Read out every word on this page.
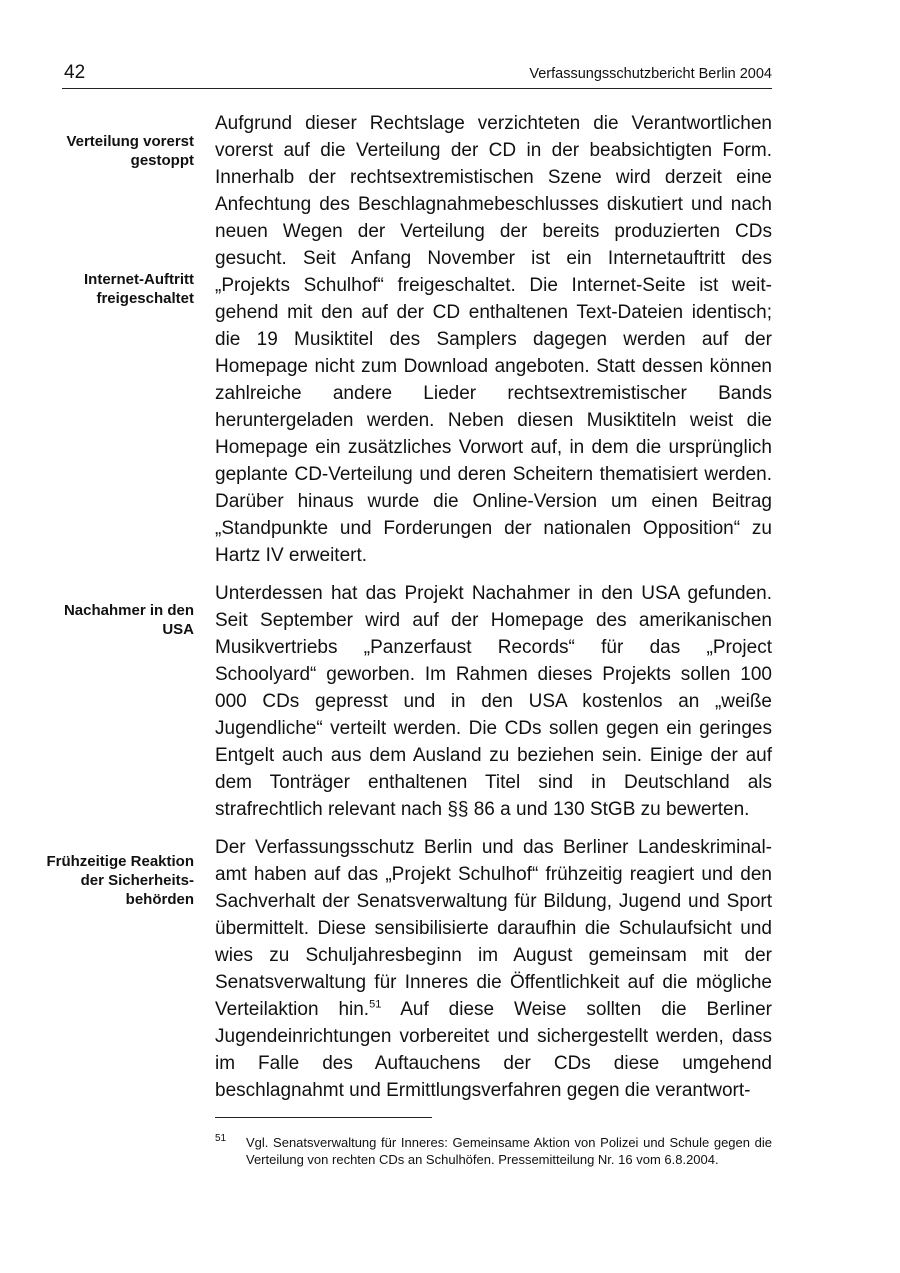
42	Verfassungsschutzbericht Berlin 2004
Verteilung vorerst gestoppt
Internet-Auftritt freigeschaltet
Nachahmer in den USA
Frühzeitige Reaktion der Sicherheits-behörden

Aufgrund dieser Rechtslage verzichteten die Verantwortlichen vorerst auf die Verteilung der CD in der beabsichtigten Form. Innerhalb der rechtsextremistischen Szene wird derzeit eine Anfechtung des Beschlagnahmebeschlusses diskutiert und nach neuen Wegen der Verteilung der bereits produzierten CDs gesucht. Seit Anfang November ist ein Internetauftritt des „Projekts Schulhof“ freigeschaltet. Die Internet-Seite ist weitgehend mit den auf der CD enthaltenen Text-Dateien identisch; die 19 Musiktitel des Samplers dagegen werden auf der Homepage nicht zum Download angeboten. Statt dessen können zahlreiche andere Lieder rechtsextremistischer Bands heruntergeladen werden. Neben diesen Musiktiteln weist die Homepage ein zusätzliches Vorwort auf, in dem die ursprünglich geplante CD-Verteilung und deren Scheitern thematisiert werden. Darüber hinaus wurde die Online-Version um einen Beitrag „Standpunkte und Forderungen der nationalen Opposition“ zu Hartz IV erweitert.

Unterdessen hat das Projekt Nachahmer in den USA gefunden. Seit September wird auf der Homepage des amerikanischen Musikvertriebs „Panzerfaust Records“ für das „Project Schoolyard“ geworben. Im Rahmen dieses Projekts sollen 100 000 CDs gepresst und in den USA kostenlos an „weiße Jugendliche“ verteilt werden. Die CDs sollen gegen ein geringes Entgelt auch aus dem Ausland zu beziehen sein. Einige der auf dem Tonträger enthaltenen Titel sind in Deutschland als strafrechtlich relevant nach §§ 86 a und 130 StGB zu bewerten.

Der Verfassungsschutz Berlin und das Berliner Landeskriminalamt haben auf das „Projekt Schulhof“ frühzeitig reagiert und den Sachverhalt der Senatsverwaltung für Bildung, Jugend und Sport übermittelt. Diese sensibilisierte daraufhin die Schulaufsicht und wies zu Schuljahresbeginn im August gemeinsam mit der Senatsverwaltung für Inneres die Öffentlichkeit auf die mögliche Verteilaktion hin.$^{51}$ Auf diese Weise sollten die Berliner Jugendeinrichtungen vorbereitet und sichergestellt werden, dass im Falle des Auftauchens der CDs diese umgehend beschlagnahmt und Ermittlungsverfahren gegen die verantwort-

51 Vgl. Senatsverwaltung für Inneres: Gemeinsame Aktion von Polizei und Schule gegen die Verteilung von rechten CDs an Schulhöfen. Pressemitteilung Nr. 16 vom 6.8.2004.
